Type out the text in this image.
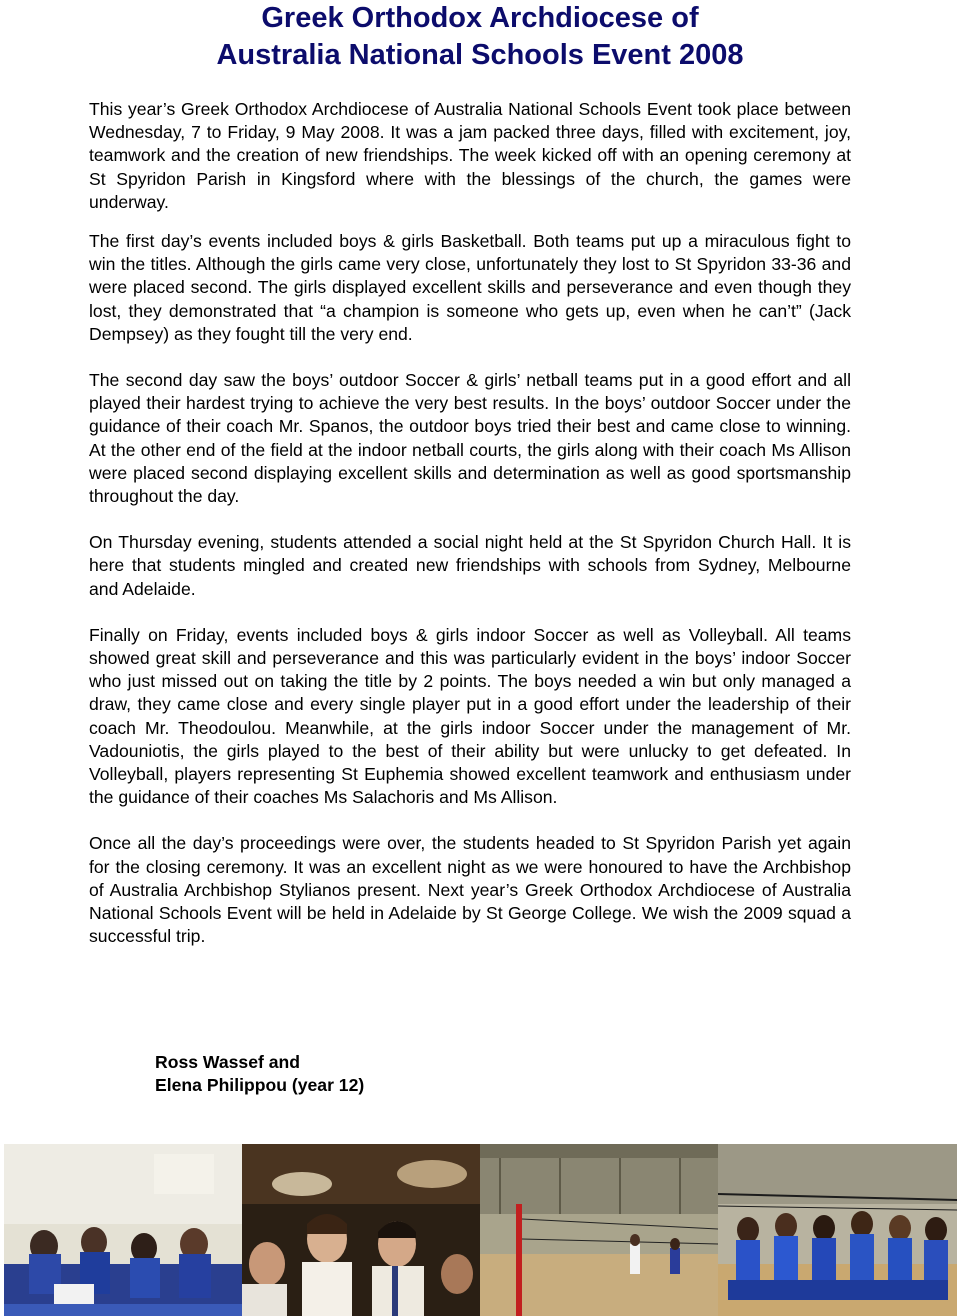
Greek Orthodox Archdiocese of
Australia National Schools Event 2008

This year’s Greek Orthodox Archdiocese of Australia National Schools Event took place between Wednesday, 7 to Friday, 9 May 2008. It was a jam packed three days, filled with excitement, joy, teamwork and the creation of new friendships. The week kicked off with an opening ceremony at St Spyridon Parish in Kingsford where with the blessings of the church, the games were underway.

The first day’s events included boys & girls Basketball. Both teams put up a miraculous fight to win the titles. Although the girls came very close, unfortunately they lost to St Spyridon 33-36 and were placed second. The girls displayed excellent skills and perseverance and even though they lost, they demonstrated that “a champion is someone who gets up, even when he can’t” (Jack Dempsey) as they fought till the very end.

The second day saw the boys’ outdoor Soccer & girls’ netball teams put in a good effort and all played their hardest trying to achieve the very best results. In the boys’ outdoor Soccer under the guidance of their coach Mr. Spanos, the outdoor boys tried their best and came close to winning. At the other end of the field at the indoor netball courts, the girls along with their coach Ms Allison were placed second displaying excellent skills and determination as well as good sportsmanship throughout the day.

On Thursday evening, students attended a social night held at the St Spyridon Church Hall. It is here that students mingled and created new friendships with schools from Sydney, Melbourne and Adelaide.

Finally on Friday, events included boys & girls indoor Soccer as well as Volleyball. All teams showed great skill and perseverance and this was particularly evident in the boys’ indoor Soccer who just missed out on taking the title by 2 points. The boys needed a win but only managed a draw, they came close and every single player put in a good effort under the leadership of their coach Mr. Theodoulou. Meanwhile, at the girls indoor Soccer under the management of Mr. Vadouniotis, the girls played to the best of their ability but were unlucky to get defeated. In Volleyball, players representing St Euphemia showed excellent teamwork and enthusiasm under the guidance of their coaches Ms Salachoris and Ms Allison.

Once all the day’s proceedings were over, the students headed to St Spyridon Parish yet again for the closing ceremony. It was an excellent night as we were honoured to have the Archbishop of Australia Archbishop Stylianos present. Next year’s Greek Orthodox Archdiocese of Australia National Schools Event will be held in Adelaide by St George College. We wish the 2009 squad a successful trip.

Ross Wassef and
Elena Philippou (year 12)
